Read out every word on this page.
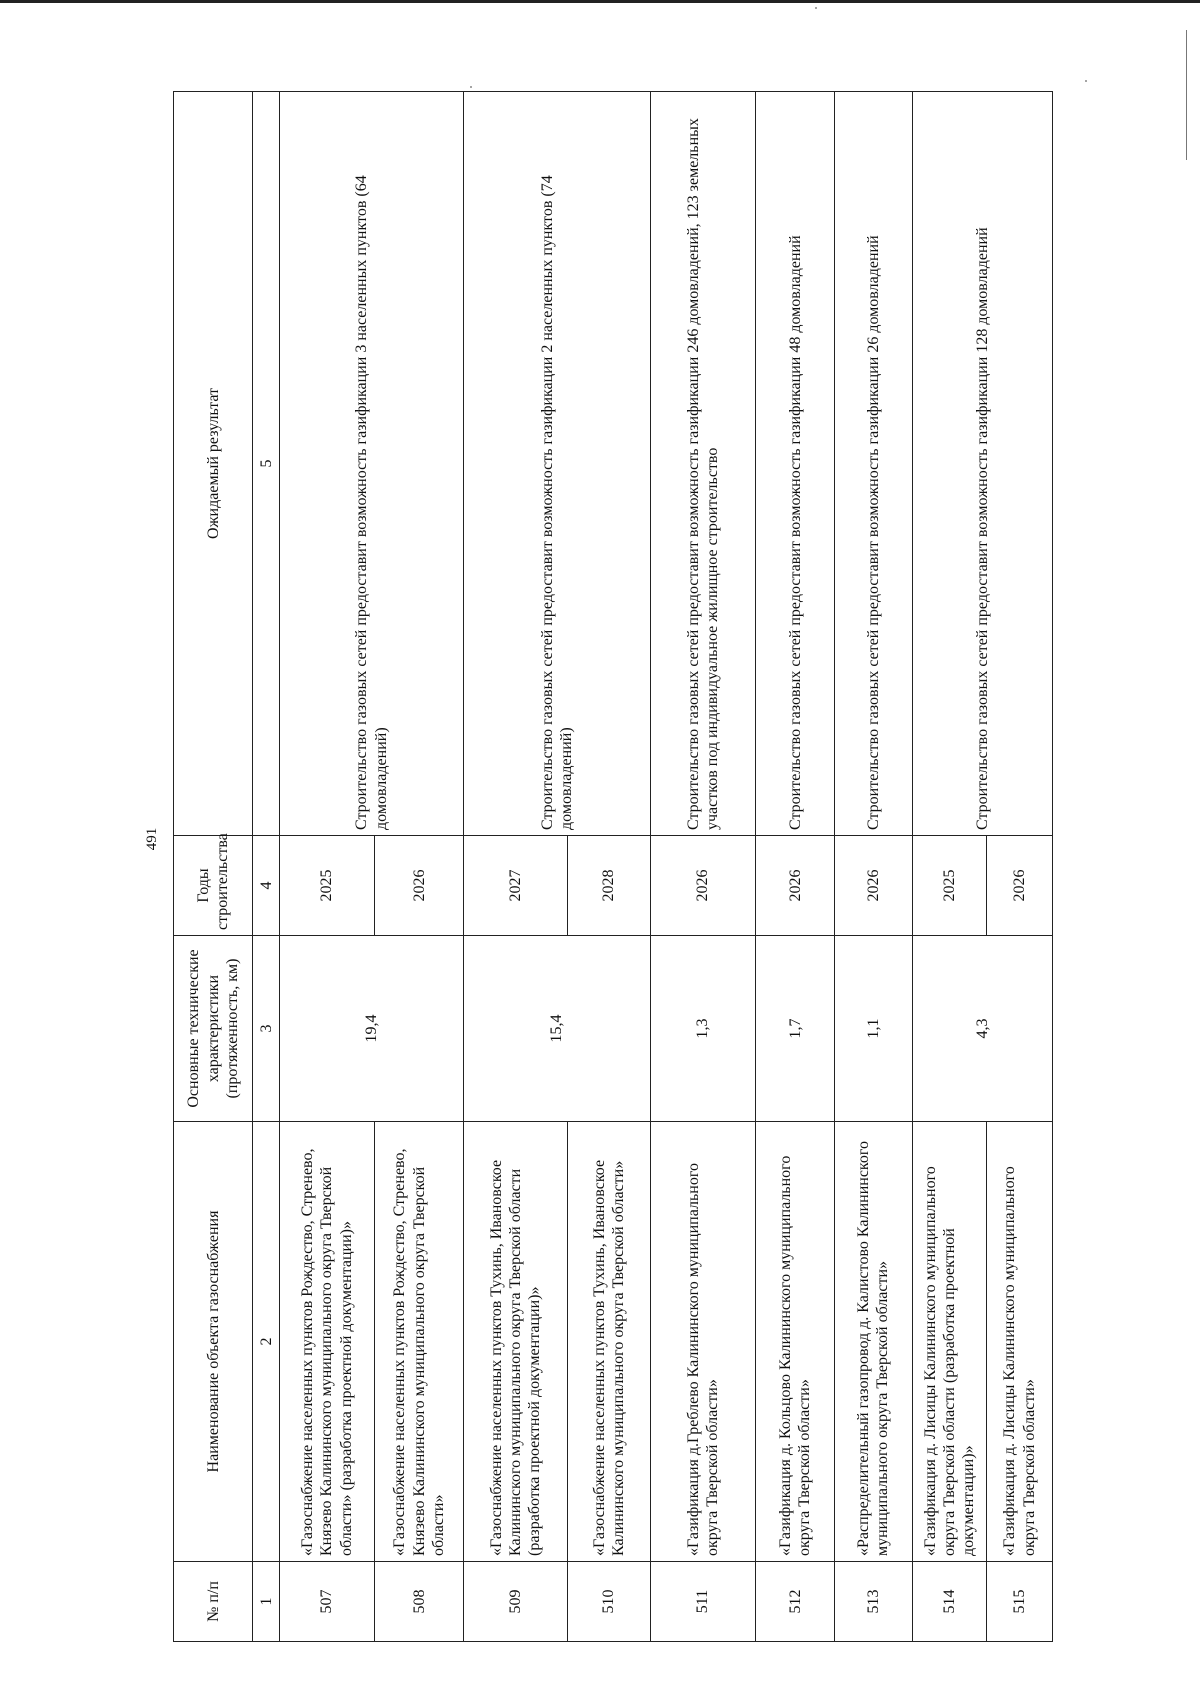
491
№ п/п	Наименование объекта газоснабжения	Основные технические характеристики (протяженность, км)	Годы строительства	Ожидаемый результат
1	2	3	4	5
507	«Газоснабжение населенных пунктов Рождество, Стренево, Князево Калининского муниципального округа Тверской области» (разработка проектной документации)»	19,4	2025	Строительство газовых сетей предоставит возможность газификации 3 населенных пунктов (64 домовладений)
508	«Газоснабжение населенных пунктов Рождество, Стренево, Князево Калининского муниципального округа Тверской области»		2026	
509	«Газоснабжение населенных пунктов Тухинь, Ивановское Калининского муниципального округа Тверской области (разработка проектной документации)»	15,4	2027	Строительство газовых сетей предоставит возможность газификации 2 населенных пунктов (74 домовладений)
510	«Газоснабжение населенных пунктов Тухинь, Ивановское Калининского муниципального округа Тверской области»		2028	
511	«Газификация д.Греблево Калининского муниципального округа Тверской области»	1,3	2026	Строительство газовых сетей предоставит возможность газификации 246 домовладений, 123 земельных участков под индивидуальное жилищное строительство
512	«Газификация д. Кольцово Калининского муниципального округа Тверской области»	1,7	2026	Строительство газовых сетей предоставит возможность газификации 48 домовладений
513	«Распределительный газопровод д. Калистово Калининского муниципального округа Тверской области»	1,1	2026	Строительство газовых сетей предоставит возможность газификации 26 домовладений
514	«Газификация д. Лисицы Калининского муниципального округа Тверской области (разработка проектной документации)»	4,3	2025	Строительство газовых сетей предоставит возможность газификации 128 домовладений
515	«Газификация д. Лисицы Калининского муниципального округа Тверской области»		2026	
